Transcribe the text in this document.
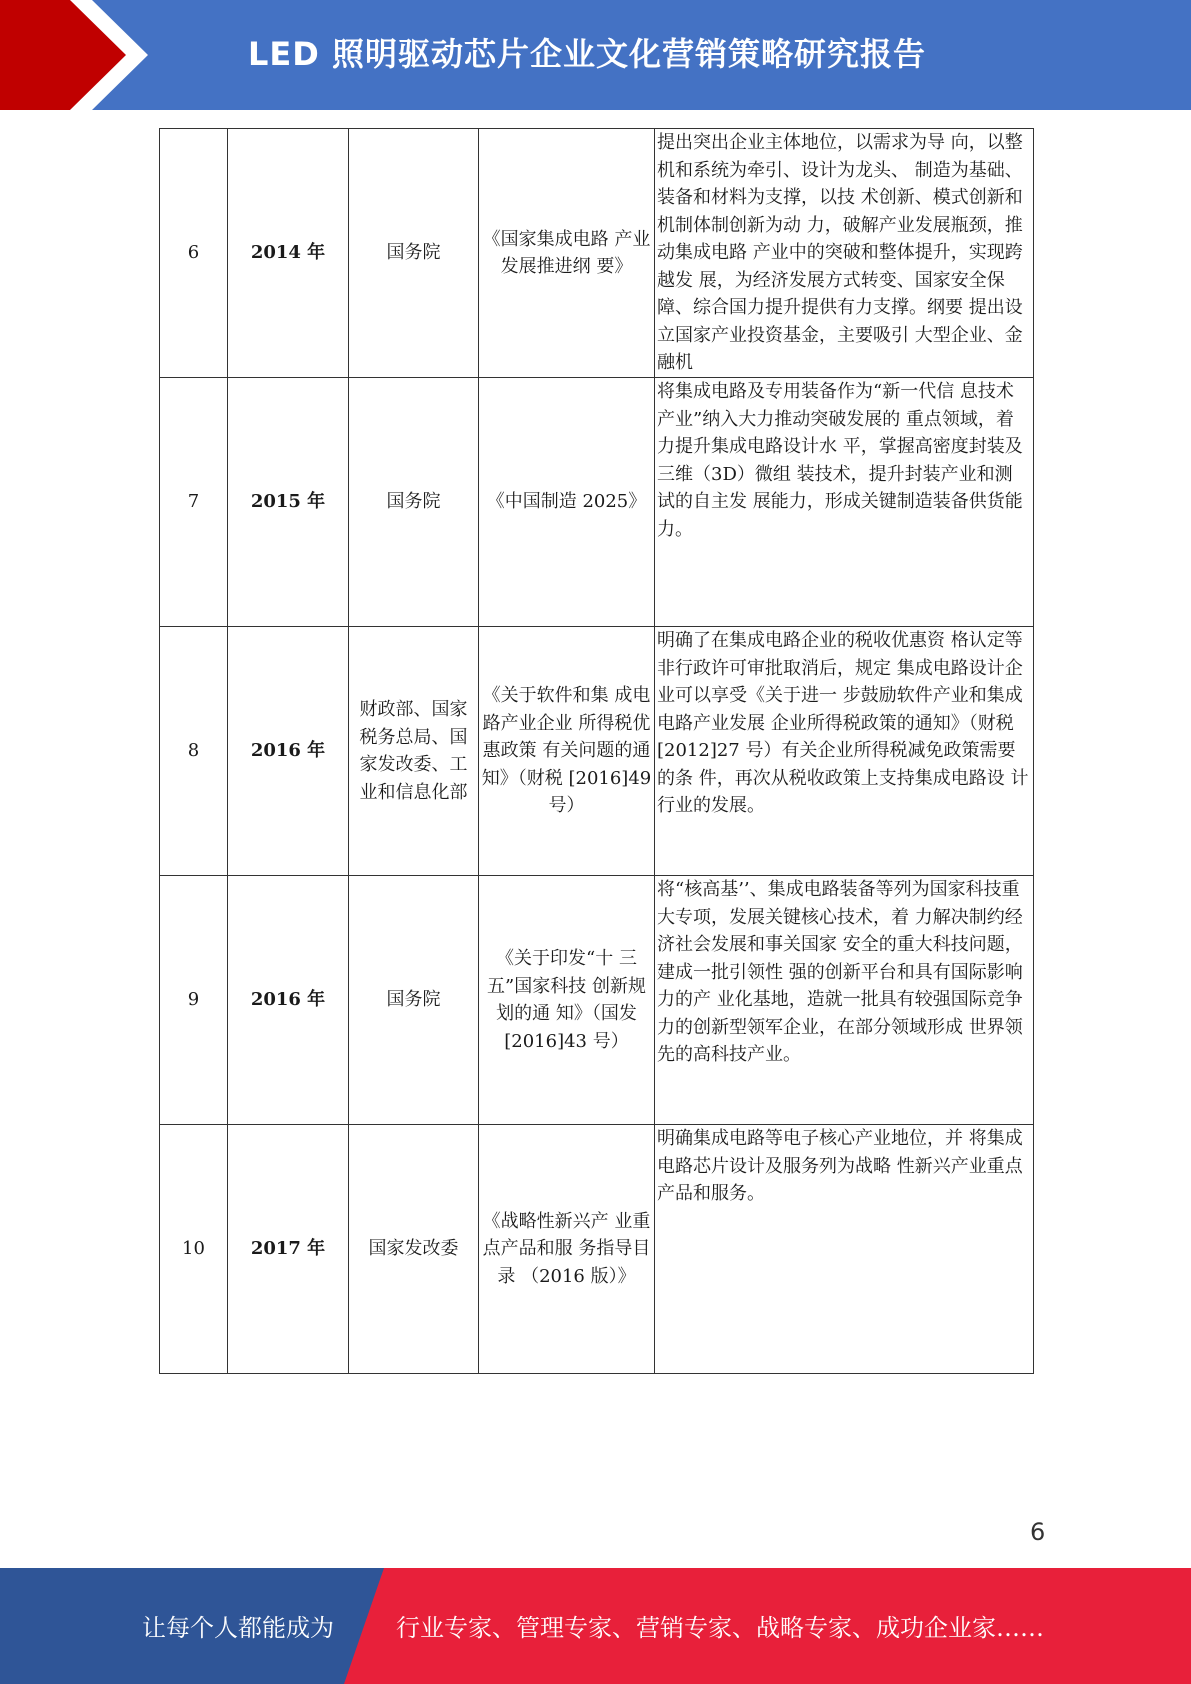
LED 照明驱动芯片企业文化营销策略研究报告
6	2014 年	国务院	《国家集成电路 产业发展推进纲 要》	提出突出企业主体地位，以需求为导 向，以整机和系统为牵引、设计为龙头、 制造为基础、装备和材料为支撑，以技 术创新、模式创新和机制体制创新为动 力，破解产业发展瓶颈，推动集成电路 产业中的突破和整体提升，实现跨越发 展，为经济发展方式转变、国家安全保 障、综合国力提升提供有力支撑。纲要 提出设立国家产业投资基金，主要吸引 大型企业、金融机

7	2015 年	国务院	《中国制造 2025》	将集成电路及专用装备作为“新一代信 息技术产业”纳入大力推动突破发展的 重点领域，着力提升集成电路设计水 平，掌握高密度封装及三维（3D）微组 装技术，提升封装产业和测试的自主发 展能力，形成关键制造装备供货能力。

8	2016 年	财政部、国家税务总局、国家发改委、工业和信息化部	《关于软件和集 成电路产业企业 所得税优惠政策 有关问题的通 知》（财税 [2016]49 号）	明确了在集成电路企业的税收优惠资 格认定等非行政许可审批取消后，规定 集成电路设计企业可以享受《关于进一 步鼓励软件产业和集成电路产业发展 企业所得税政策的通知》（财税[2012]27 号）有关企业所得税减免政策需要的条 件，再次从税收政策上支持集成电路设 计行业的发展。

9	2016 年	国务院	《关于印发“十 三五”国家科技 创新规划的通 知》（国发 [2016]43 号）	将“核高基’’、集成电路装备等列为国家科技重大专项，发展关键核心技术，着 力解决制约经济社会发展和事关国家 安全的重大科技问题，建成一批引领性 强的创新平台和具有国际影响力的产 业化基地，造就一批具有较强国际竞争 力的创新型领军企业，在部分领域形成 世界领先的高科技产业。

10	2017 年	国家发改委	《战略性新兴产 业重点产品和服 务指导目录 （2016 版）》	明确集成电路等电子核心产业地位，并 将集成电路芯片设计及服务列为战略 性新兴产业重点产品和服务。
6
让每个人都能成为	行业专家、管理专家、营销专家、战略专家、成功企业家……
